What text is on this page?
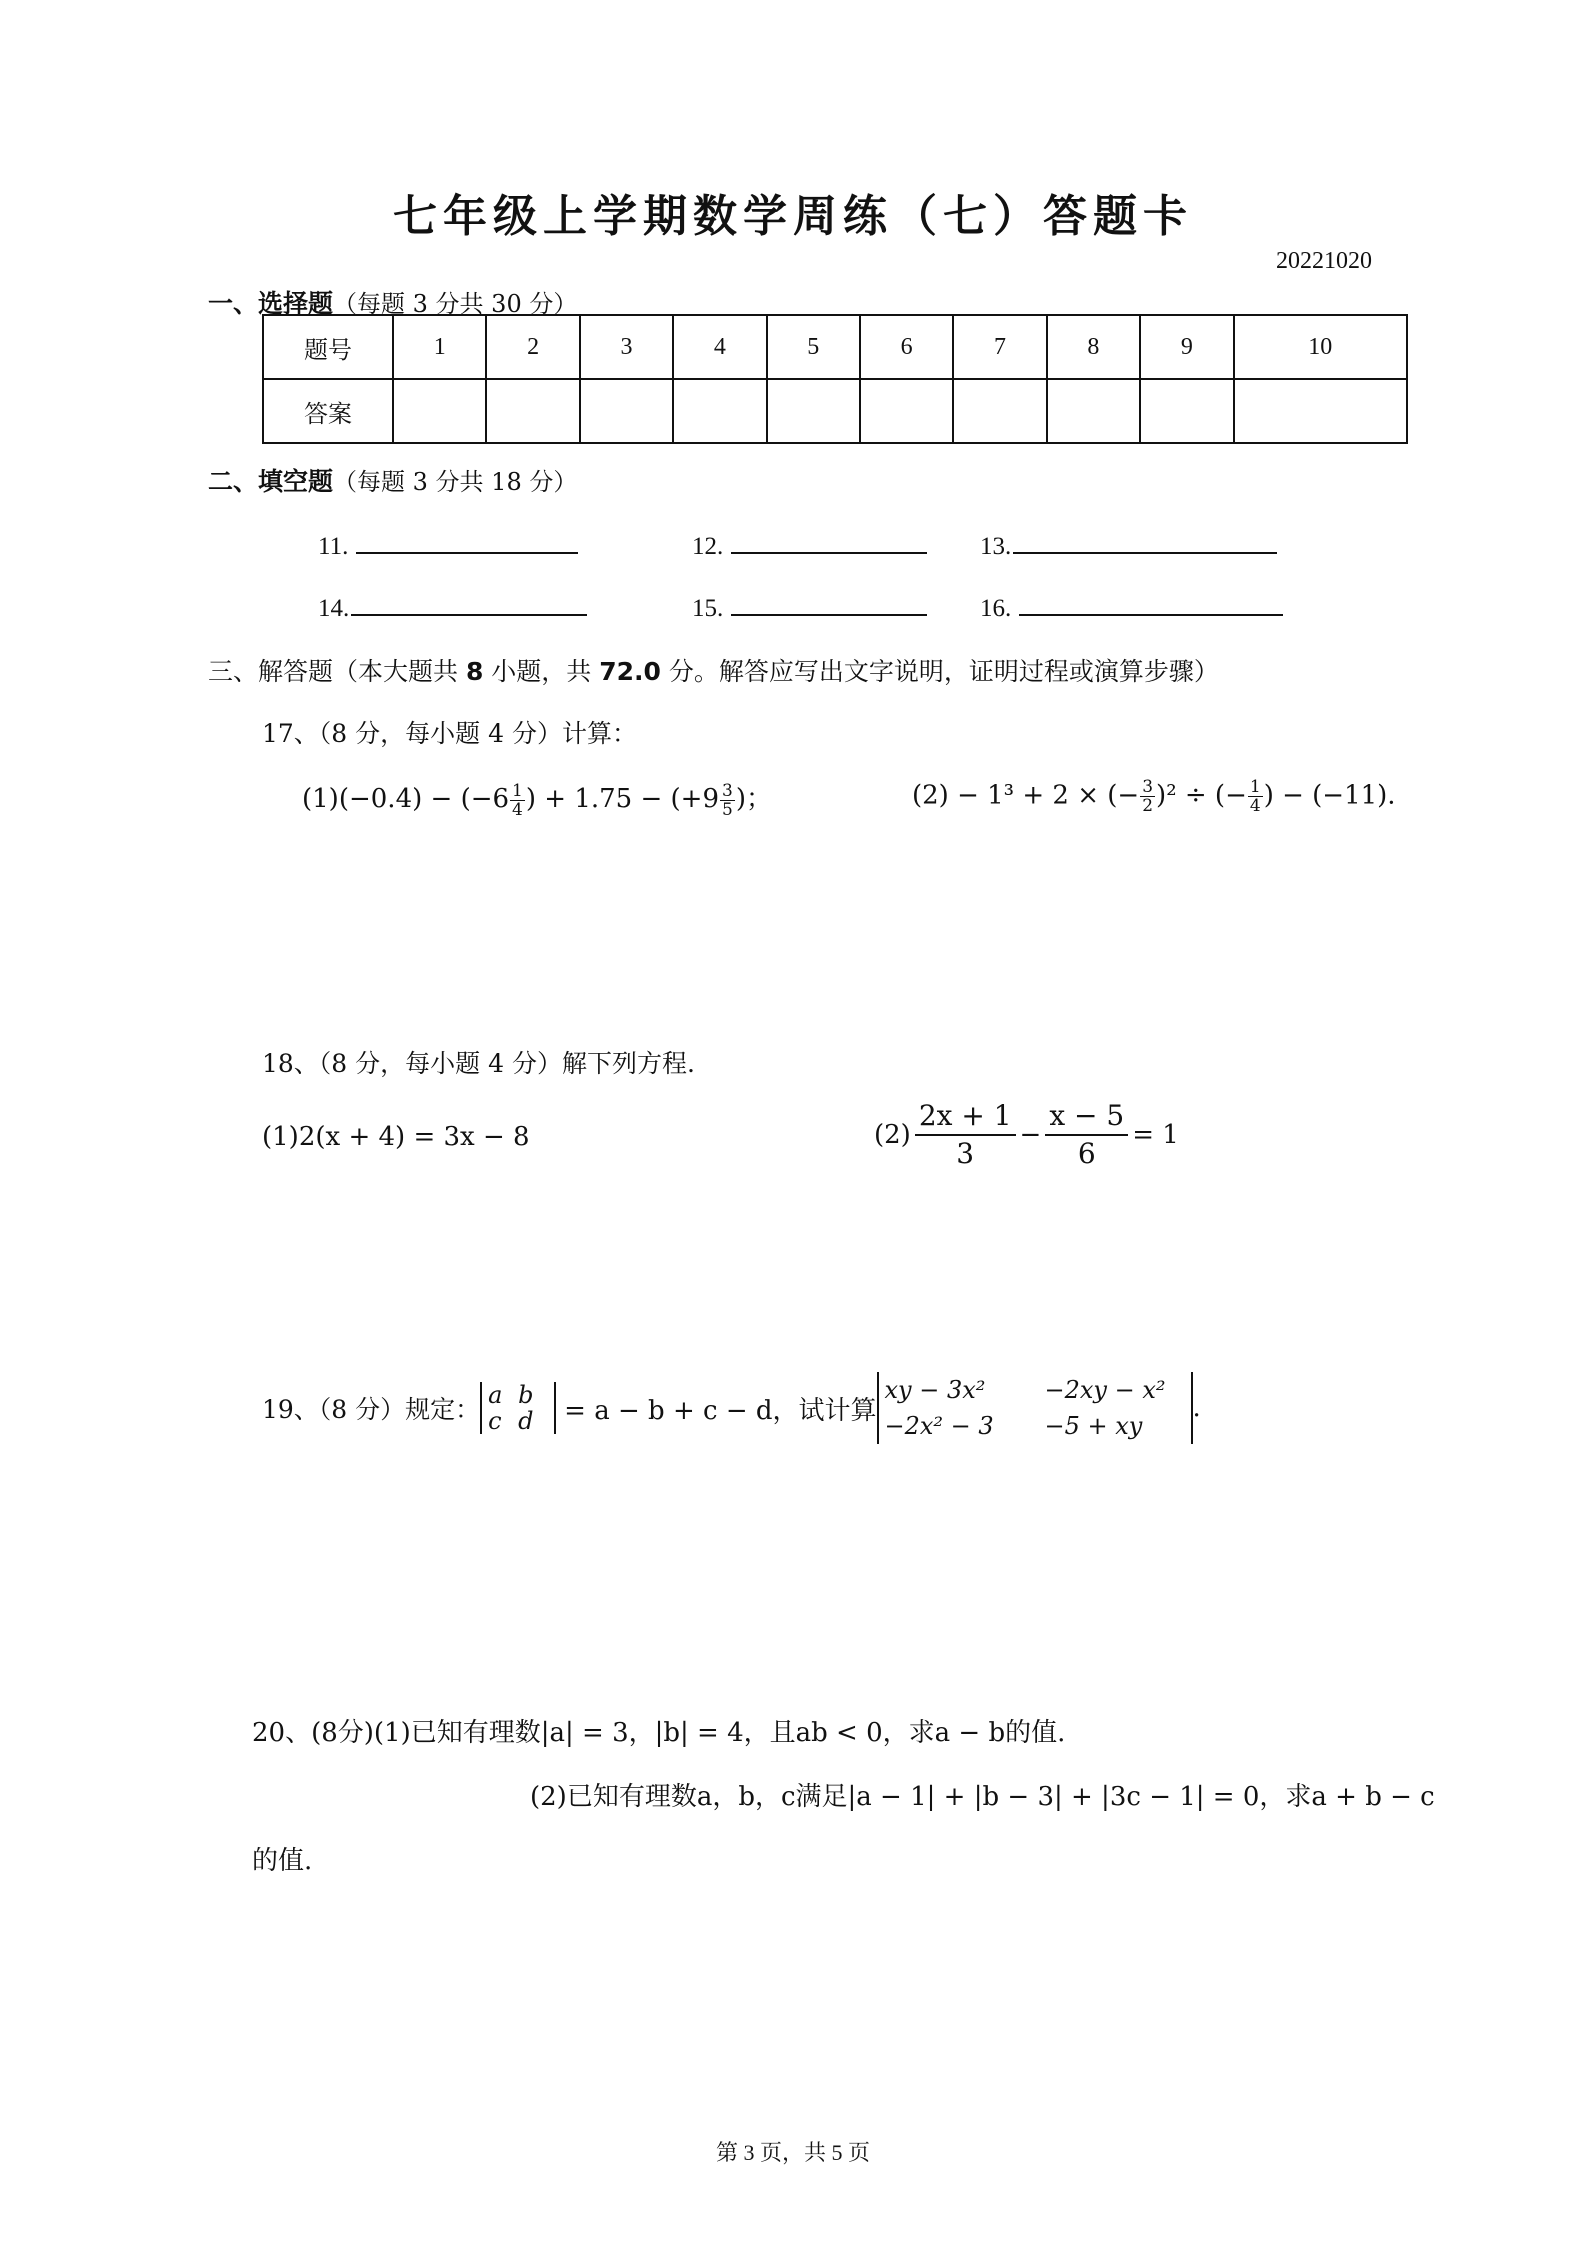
七年级上学期数学周练（七）答题卡
20221020
一、选择题（每题 3 分共 30 分）
题号	1	2	3	4	5	6	7	8	9	10
答案										
二、填空题（每题 3 分共 18 分）
11.	12.	13.
14.	15.	16.
三、解答题（本大题共 8 小题，共 72.0 分。解答应写出文字说明，证明过程或演算步骤）
17、（8 分，每小题 4 分）计算：
$(1)(-0.4) - (-6 \frac{1}{4}$ ) + $1.75 - (+9 \frac{3}{5}$ )；	(2) − 1³ + 2 × (− $\frac{3}{2} )^2$ ÷ (− $\frac{1}{4}$ ) − (−11).
18、（8 分，每小题 4 分）解下列方程.
(1)2(x + 4) = 3x − 8	$(2) \frac{2x + 1}{3} - \frac{x - 5}{6} = 1$
19、（8 分）规定： a b
c d	= a − b + c − d，试计算
xy − 3x²	−2xy − x²
−2x² − 3	−5 + xy
.
20、(8分)(1)已知有理数|a| = 3，|b| = 4，且ab < 0，求a − b的值.
(2)已知有理数a，b，c满足|a − 1| + |b − 3| + |3c − 1| = 0，求a + b − c
的值.
第 3 页，共 5 页
